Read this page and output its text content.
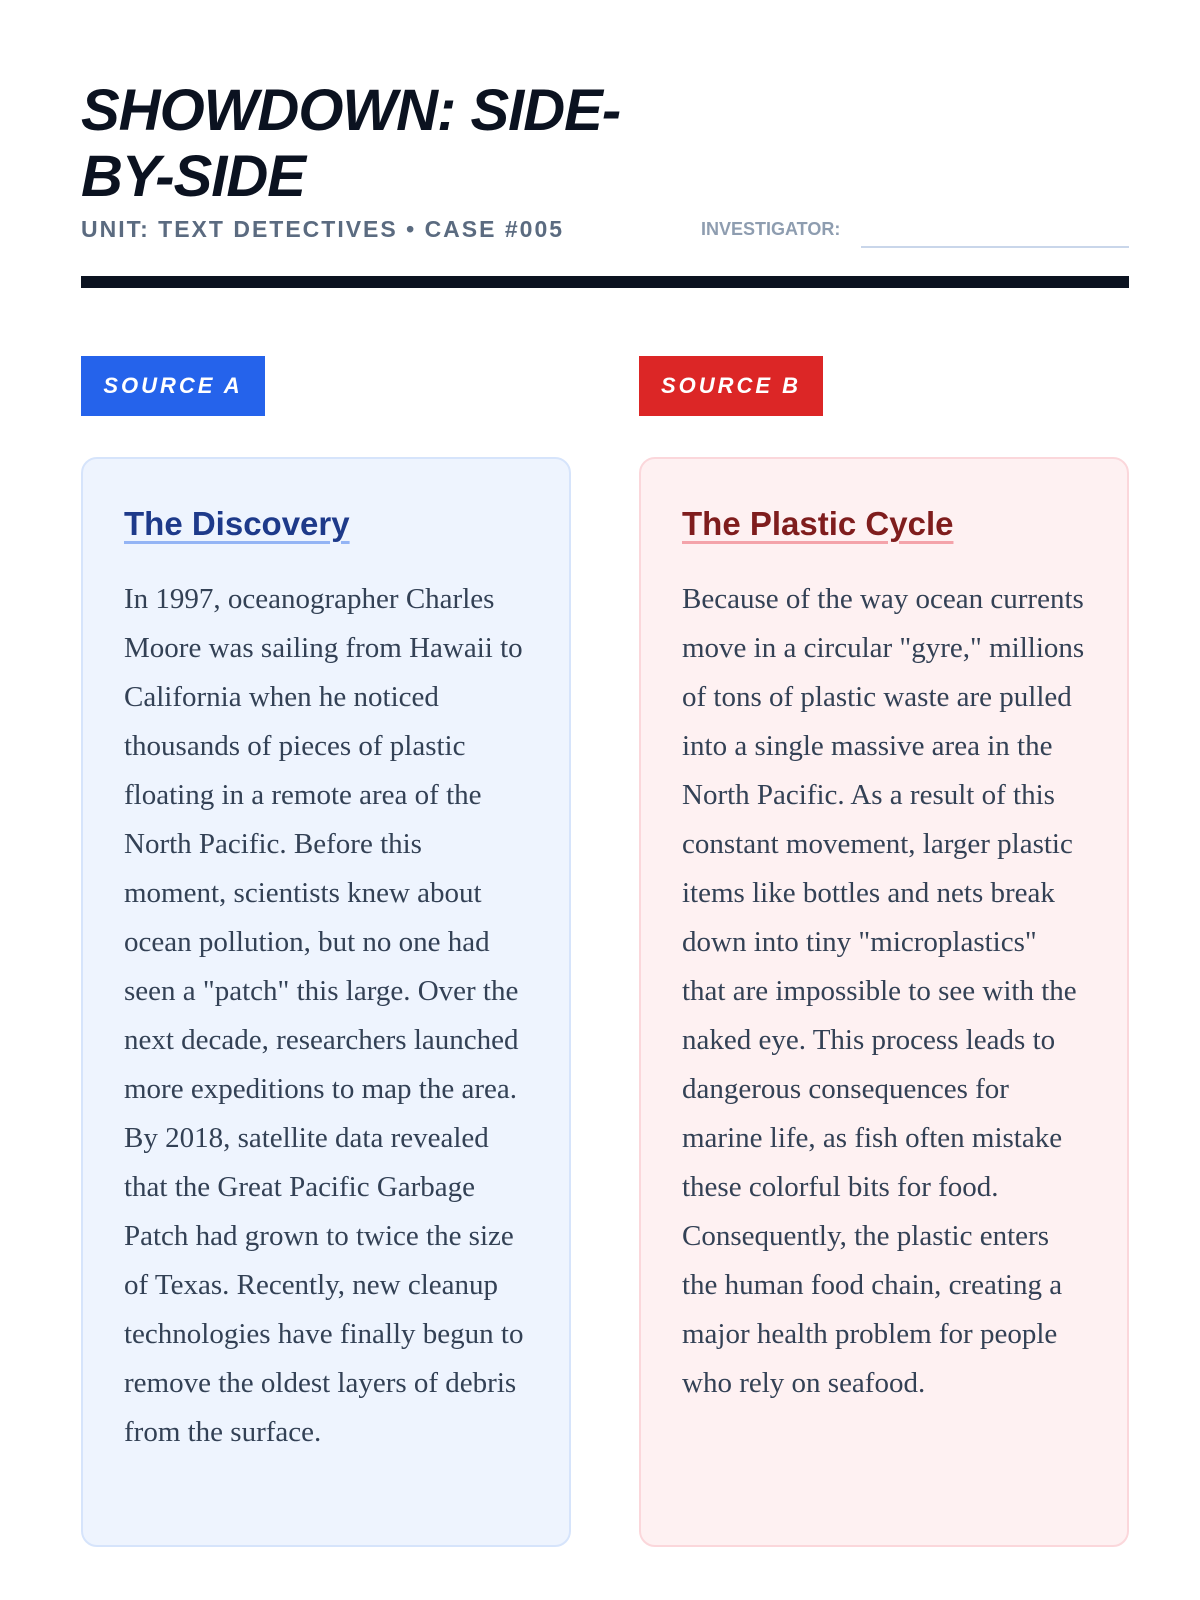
SHOWDOWN: SIDE-BY-SIDE
UNIT: TEXT DETECTIVES • CASE #005	INVESTIGATOR:
SOURCE A	SOURCE B
The Discovery

In 1997, oceanographer Charles Moore was sailing from Hawaii to California when he noticed thousands of pieces of plastic floating in a remote area of the North Pacific. Before this moment, scientists knew about ocean pollution, but no one had seen a "patch" this large. Over the next decade, researchers launched more expeditions to map the area. By 2018, satellite data revealed that the Great Pacific Garbage Patch had grown to twice the size of Texas. Recently, new cleanup technologies have finally begun to remove the oldest layers of debris from the surface.

The Plastic Cycle

Because of the way ocean currents move in a circular "gyre," millions of tons of plastic waste are pulled into a single massive area in the North Pacific. As a result of this constant movement, larger plastic items like bottles and nets break down into tiny "microplastics" that are impossible to see with the naked eye. This process leads to dangerous consequences for marine life, as fish often mistake these colorful bits for food. Consequently, the plastic enters the human food chain, creating a major health problem for people who rely on seafood.
